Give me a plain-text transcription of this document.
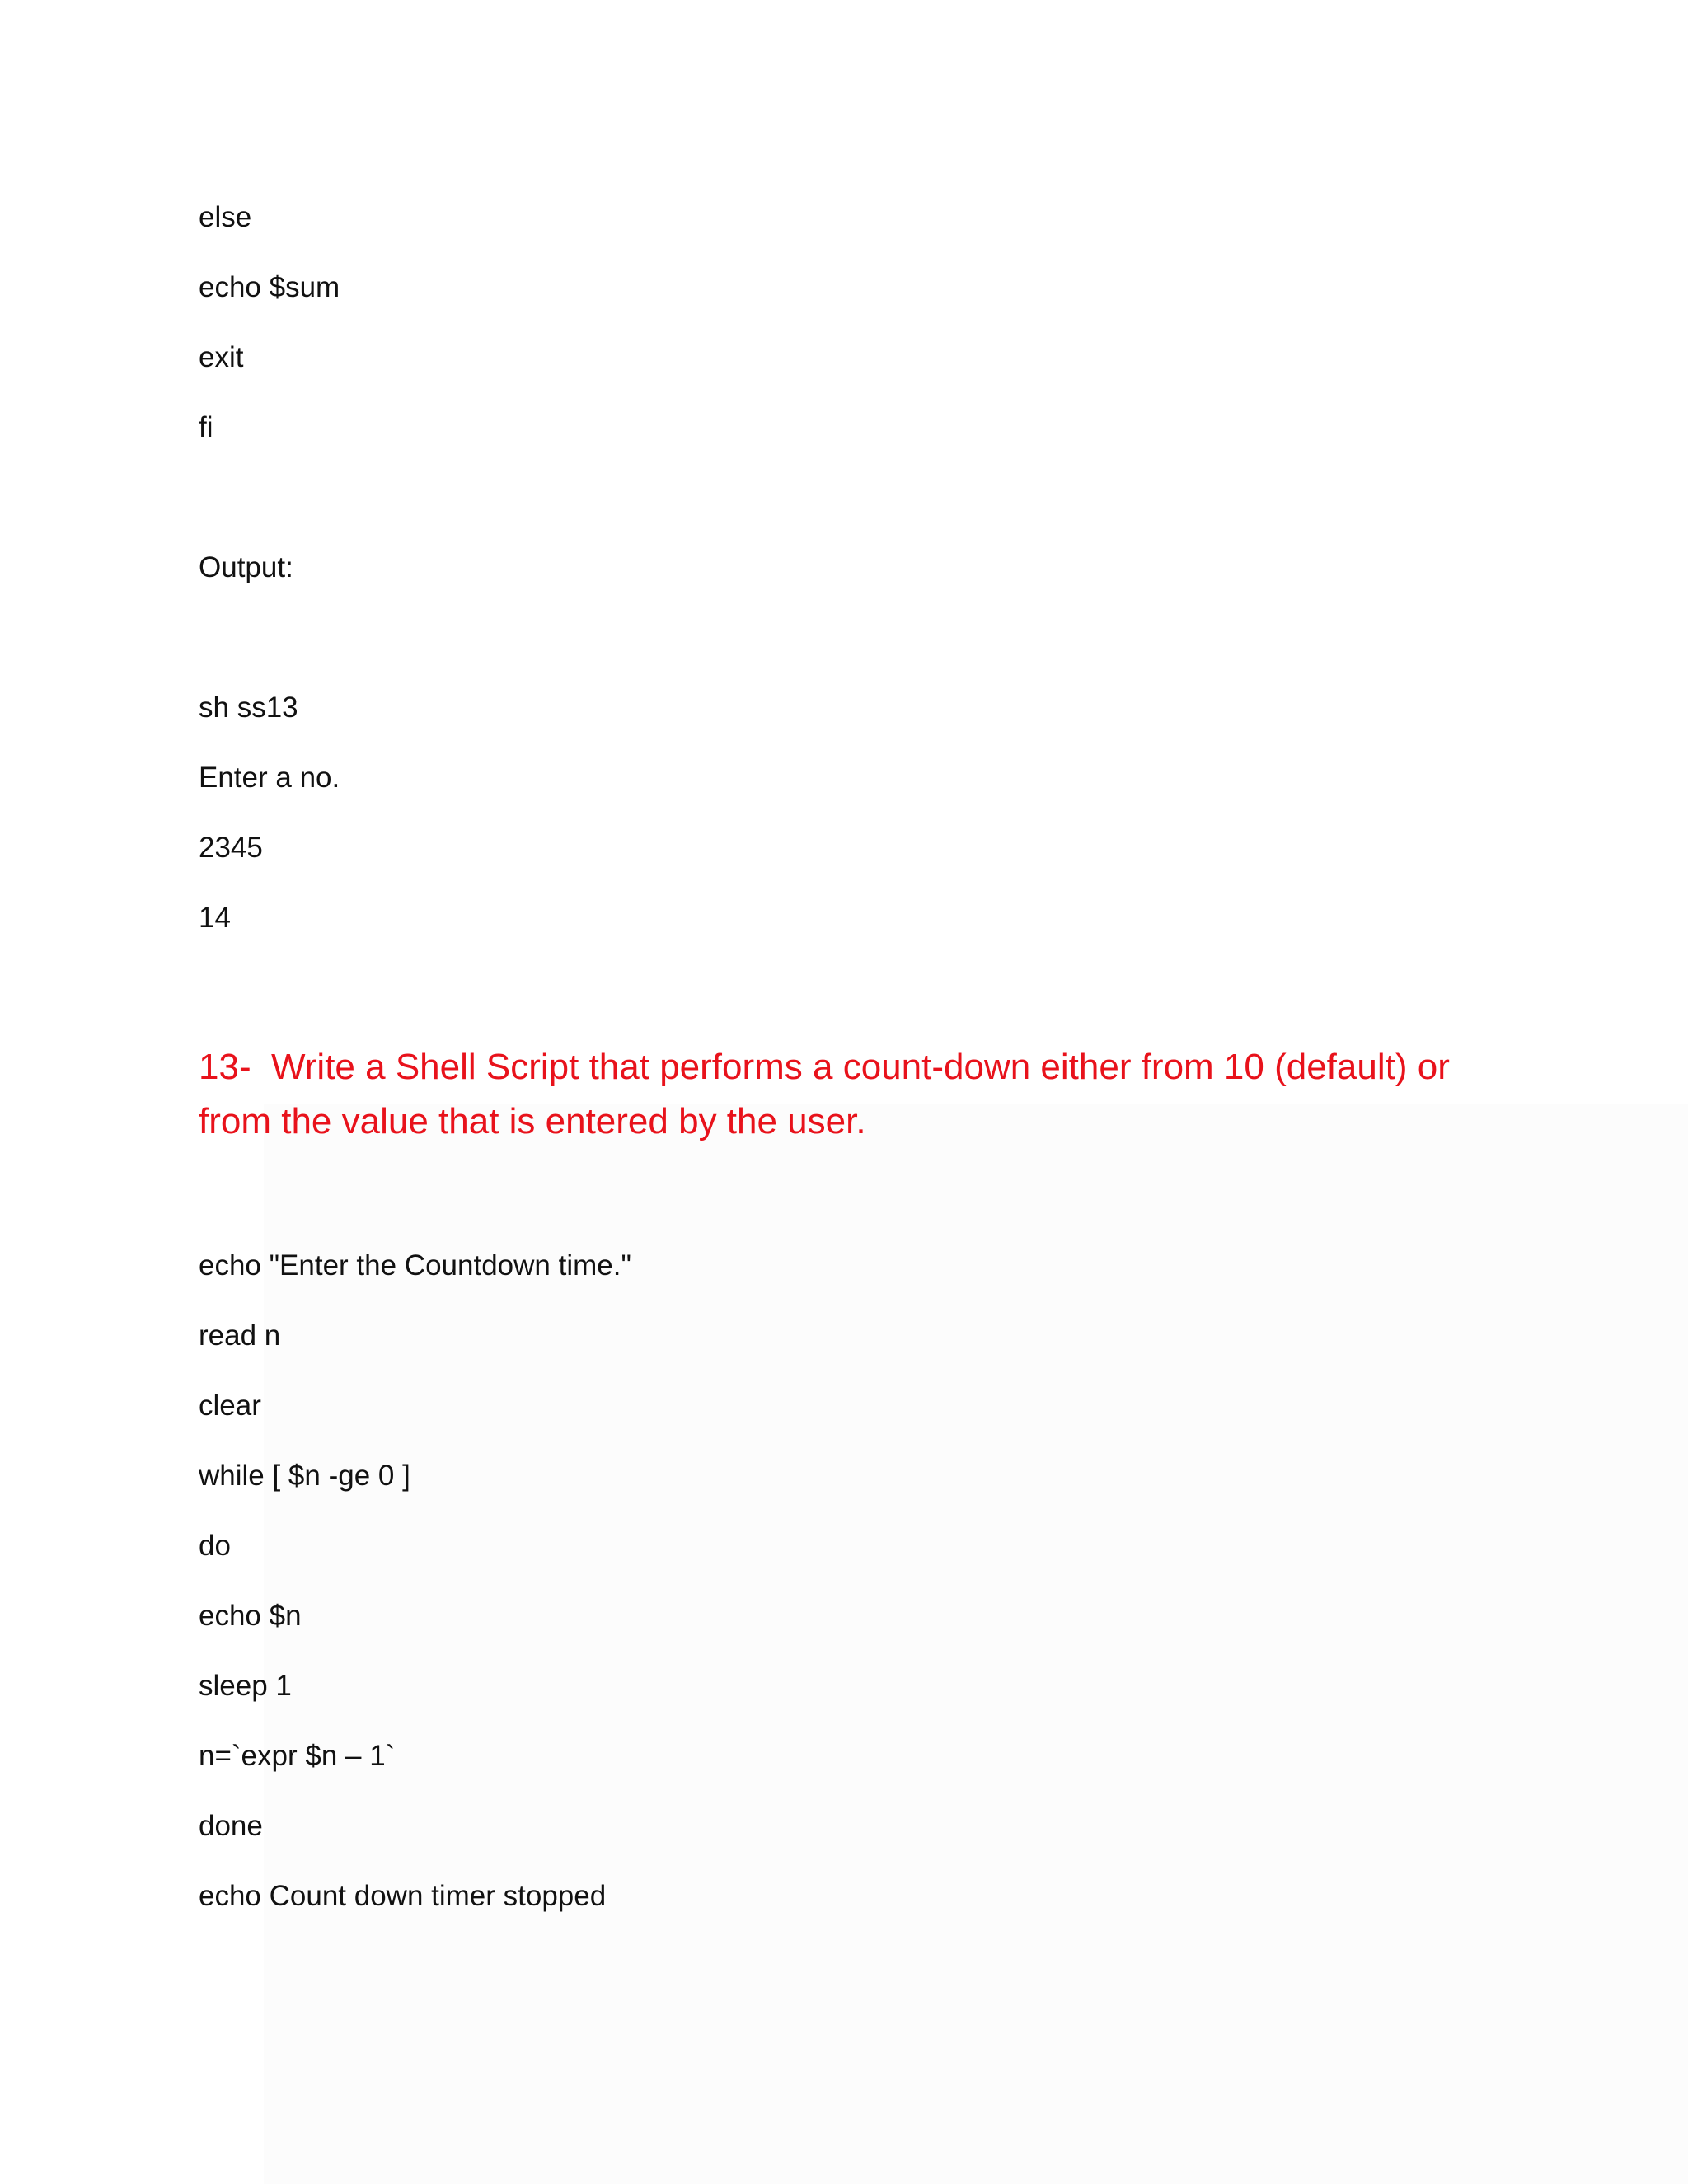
else
echo $sum
exit
fi
Output:
sh ss13
Enter a no.
2345
14
13-  Write a Shell Script that performs a count-down either from 10 (default) or
from the value that is entered by the user.
echo "Enter the Countdown time."
read n
clear
while [ $n -ge 0 ]
do
echo $n
sleep 1
n=`expr $n – 1`
done
echo Count down timer stopped
